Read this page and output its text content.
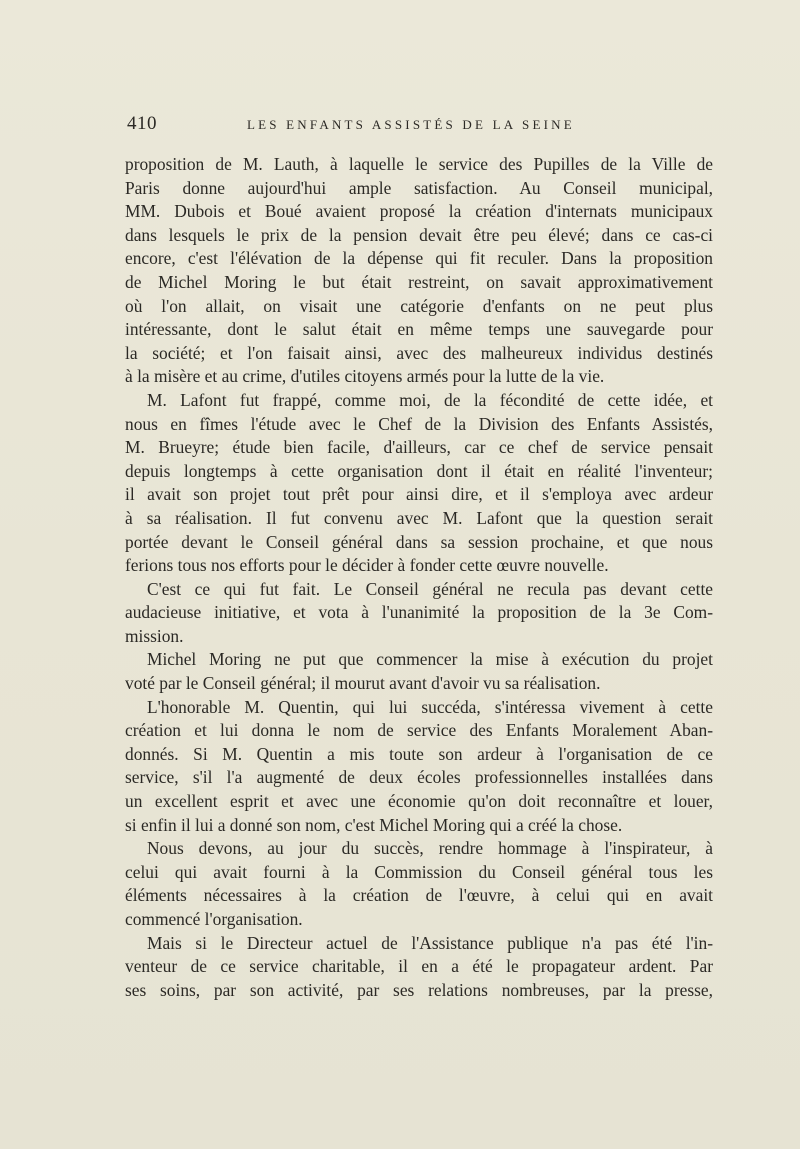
410	LES ENFANTS ASSISTÉS DE LA SEINE
proposition de M. Lauth, à laquelle le service des Pupilles de la Ville de
Paris donne aujourd'hui ample satisfaction. Au Conseil municipal,
MM. Dubois et Boué avaient proposé la création d'internats municipaux
dans lesquels le prix de la pension devait être peu élevé; dans ce cas-ci
encore, c'est l'élévation de la dépense qui fit reculer. Dans la proposition
de Michel Moring le but était restreint, on savait approximativement
où l'on allait, on visait une catégorie d'enfants on ne peut plus
intéressante, dont le salut était en même temps une sauvegarde pour
la société; et l'on faisait ainsi, avec des malheureux individus destinés
à la misère et au crime, d'utiles citoyens armés pour la lutte de la vie.
M. Lafont fut frappé, comme moi, de la fécondité de cette idée, et
nous en fîmes l'étude avec le Chef de la Division des Enfants Assistés,
M. Brueyre; étude bien facile, d'ailleurs, car ce chef de service pensait
depuis longtemps à cette organisation dont il était en réalité l'inventeur;
il avait son projet tout prêt pour ainsi dire, et il s'employa avec ardeur
à sa réalisation. Il fut convenu avec M. Lafont que la question serait
portée devant le Conseil général dans sa session prochaine, et que nous
ferions tous nos efforts pour le décider à fonder cette œuvre nouvelle.
C'est ce qui fut fait. Le Conseil général ne recula pas devant cette
audacieuse initiative, et vota à l'unanimité la proposition de la 3e Com-
mission.
Michel Moring ne put que commencer la mise à exécution du projet
voté par le Conseil général; il mourut avant d'avoir vu sa réalisation.
L'honorable M. Quentin, qui lui succéda, s'intéressa vivement à cette
création et lui donna le nom de service des Enfants Moralement Aban-
donnés. Si M. Quentin a mis toute son ardeur à l'organisation de ce
service, s'il l'a augmenté de deux écoles professionnelles installées dans
un excellent esprit et avec une économie qu'on doit reconnaître et louer,
si enfin il lui a donné son nom, c'est Michel Moring qui a créé la chose.
Nous devons, au jour du succès, rendre hommage à l'inspirateur, à
celui qui avait fourni à la Commission du Conseil général tous les
éléments nécessaires à la création de l'œuvre, à celui qui en avait
commencé l'organisation.
Mais si le Directeur actuel de l'Assistance publique n'a pas été l'in-
venteur de ce service charitable, il en a été le propagateur ardent. Par
ses soins, par son activité, par ses relations nombreuses, par la presse,
